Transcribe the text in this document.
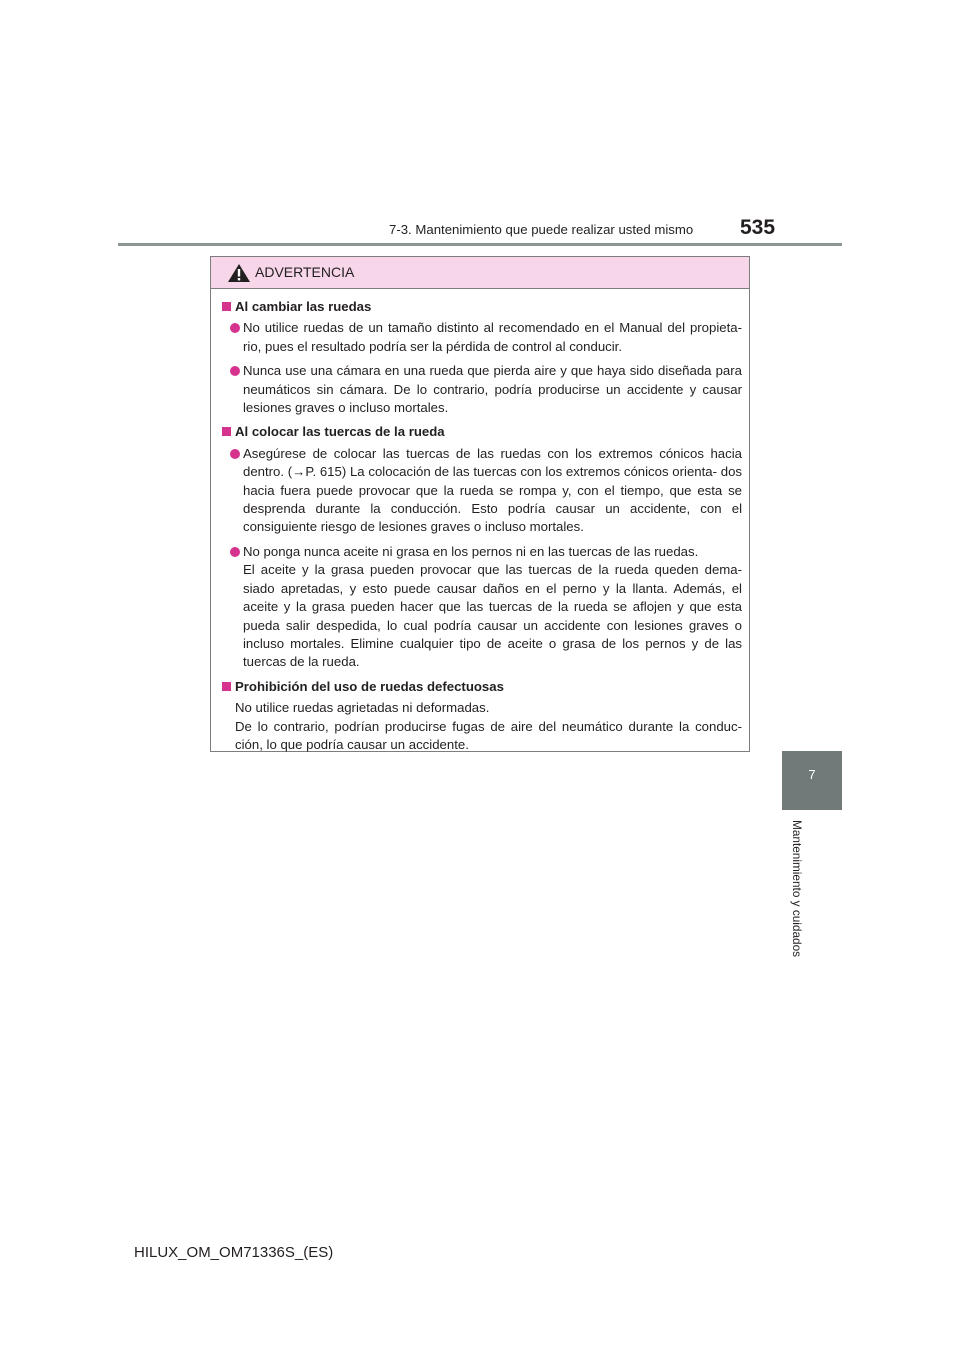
7-3. Mantenimiento que puede realizar usted mismo 535
ADVERTENCIA
Al cambiar las ruedas

No utilice ruedas de un tamaño distinto al recomendado en el Manual del propieta- rio, pues el resultado podría ser la pérdida de control al conducir.

Nunca use una cámara en una rueda que pierda aire y que haya sido diseñada para neumáticos sin cámara. De lo contrario, podría producirse un accidente y causar lesiones graves o incluso mortales.

Al colocar las tuercas de la rueda

Asegúrese de colocar las tuercas de las ruedas con los extremos cónicos hacia dentro. (→P. 615) La colocación de las tuercas con los extremos cónicos orienta- dos hacia fuera puede provocar que la rueda se rompa y, con el tiempo, que esta se desprenda durante la conducción. Esto podría causar un accidente, con el consiguiente riesgo de lesiones graves o incluso mortales.

No ponga nunca aceite ni grasa en los pernos ni en las tuercas de las ruedas.

El aceite y la grasa pueden provocar que las tuercas de la rueda queden dema- siado apretadas, y esto puede causar daños en el perno y la llanta. Además, el aceite y la grasa pueden hacer que las tuercas de la rueda se aflojen y que esta pueda salir despedida, lo cual podría causar un accidente con lesiones graves o incluso mortales. Elimine cualquier tipo de aceite o grasa de los pernos y de las tuercas de la rueda.

Prohibición del uso de ruedas defectuosas

No utilice ruedas agrietadas ni deformadas.

De lo contrario, podrían producirse fugas de aire del neumático durante la conduc- ción, lo que podría causar un accidente.

7
Mantenimiento y cuidados
HILUX_OM_OM71336S_(ES)
